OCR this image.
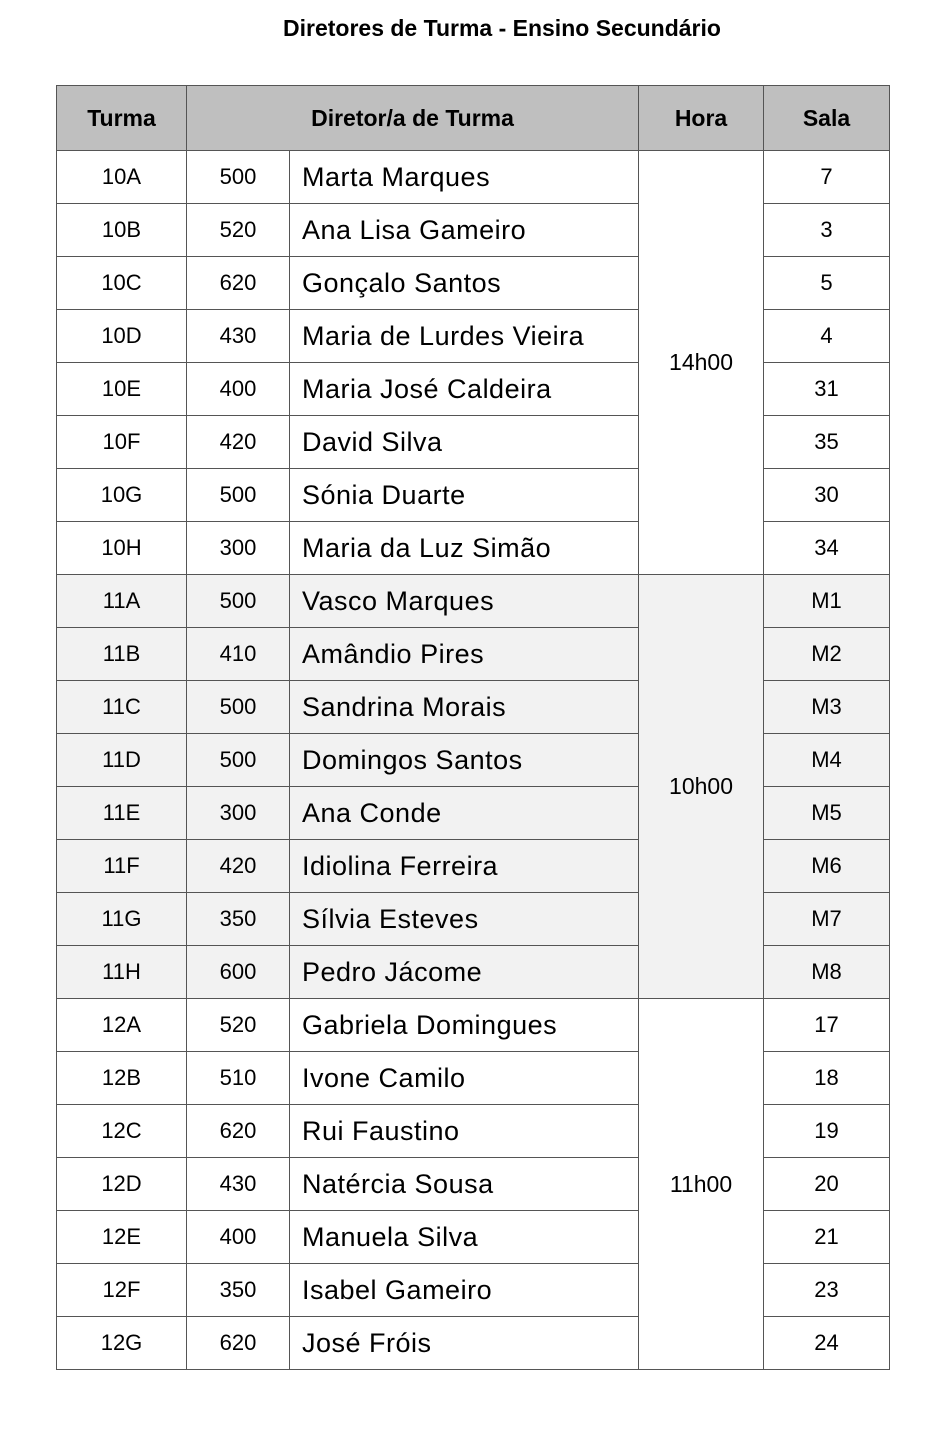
Diretores de Turma - Ensino Secundário
Turma	Diretor/a de Turma		Hora	Sala
10A	500	Marta Marques	14h00	7
10B	520	Ana Lisa Gameiro		3
10C	620	Gonçalo Santos		5
10D	430	Maria de Lurdes Vieira		4
10E	400	Maria José Caldeira		31
10F	420	David Silva		35
10G	500	Sónia Duarte		30
10H	300	Maria da Luz Simão		34
11A	500	Vasco Marques	10h00	M1
11B	410	Amândio Pires		M2
11C	500	Sandrina Morais		M3
11D	500	Domingos Santos		M4
11E	300	Ana Conde		M5
11F	420	Idiolina Ferreira		M6
11G	350	Sílvia Esteves		M7
11H	600	Pedro Jácome		M8
12A	520	Gabriela Domingues	11h00	17
12B	510	Ivone Camilo		18
12C	620	Rui Faustino		19
12D	430	Natércia Sousa		20
12E	400	Manuela Silva		21
12F	350	Isabel Gameiro		23
12G	620	José Fróis		24
